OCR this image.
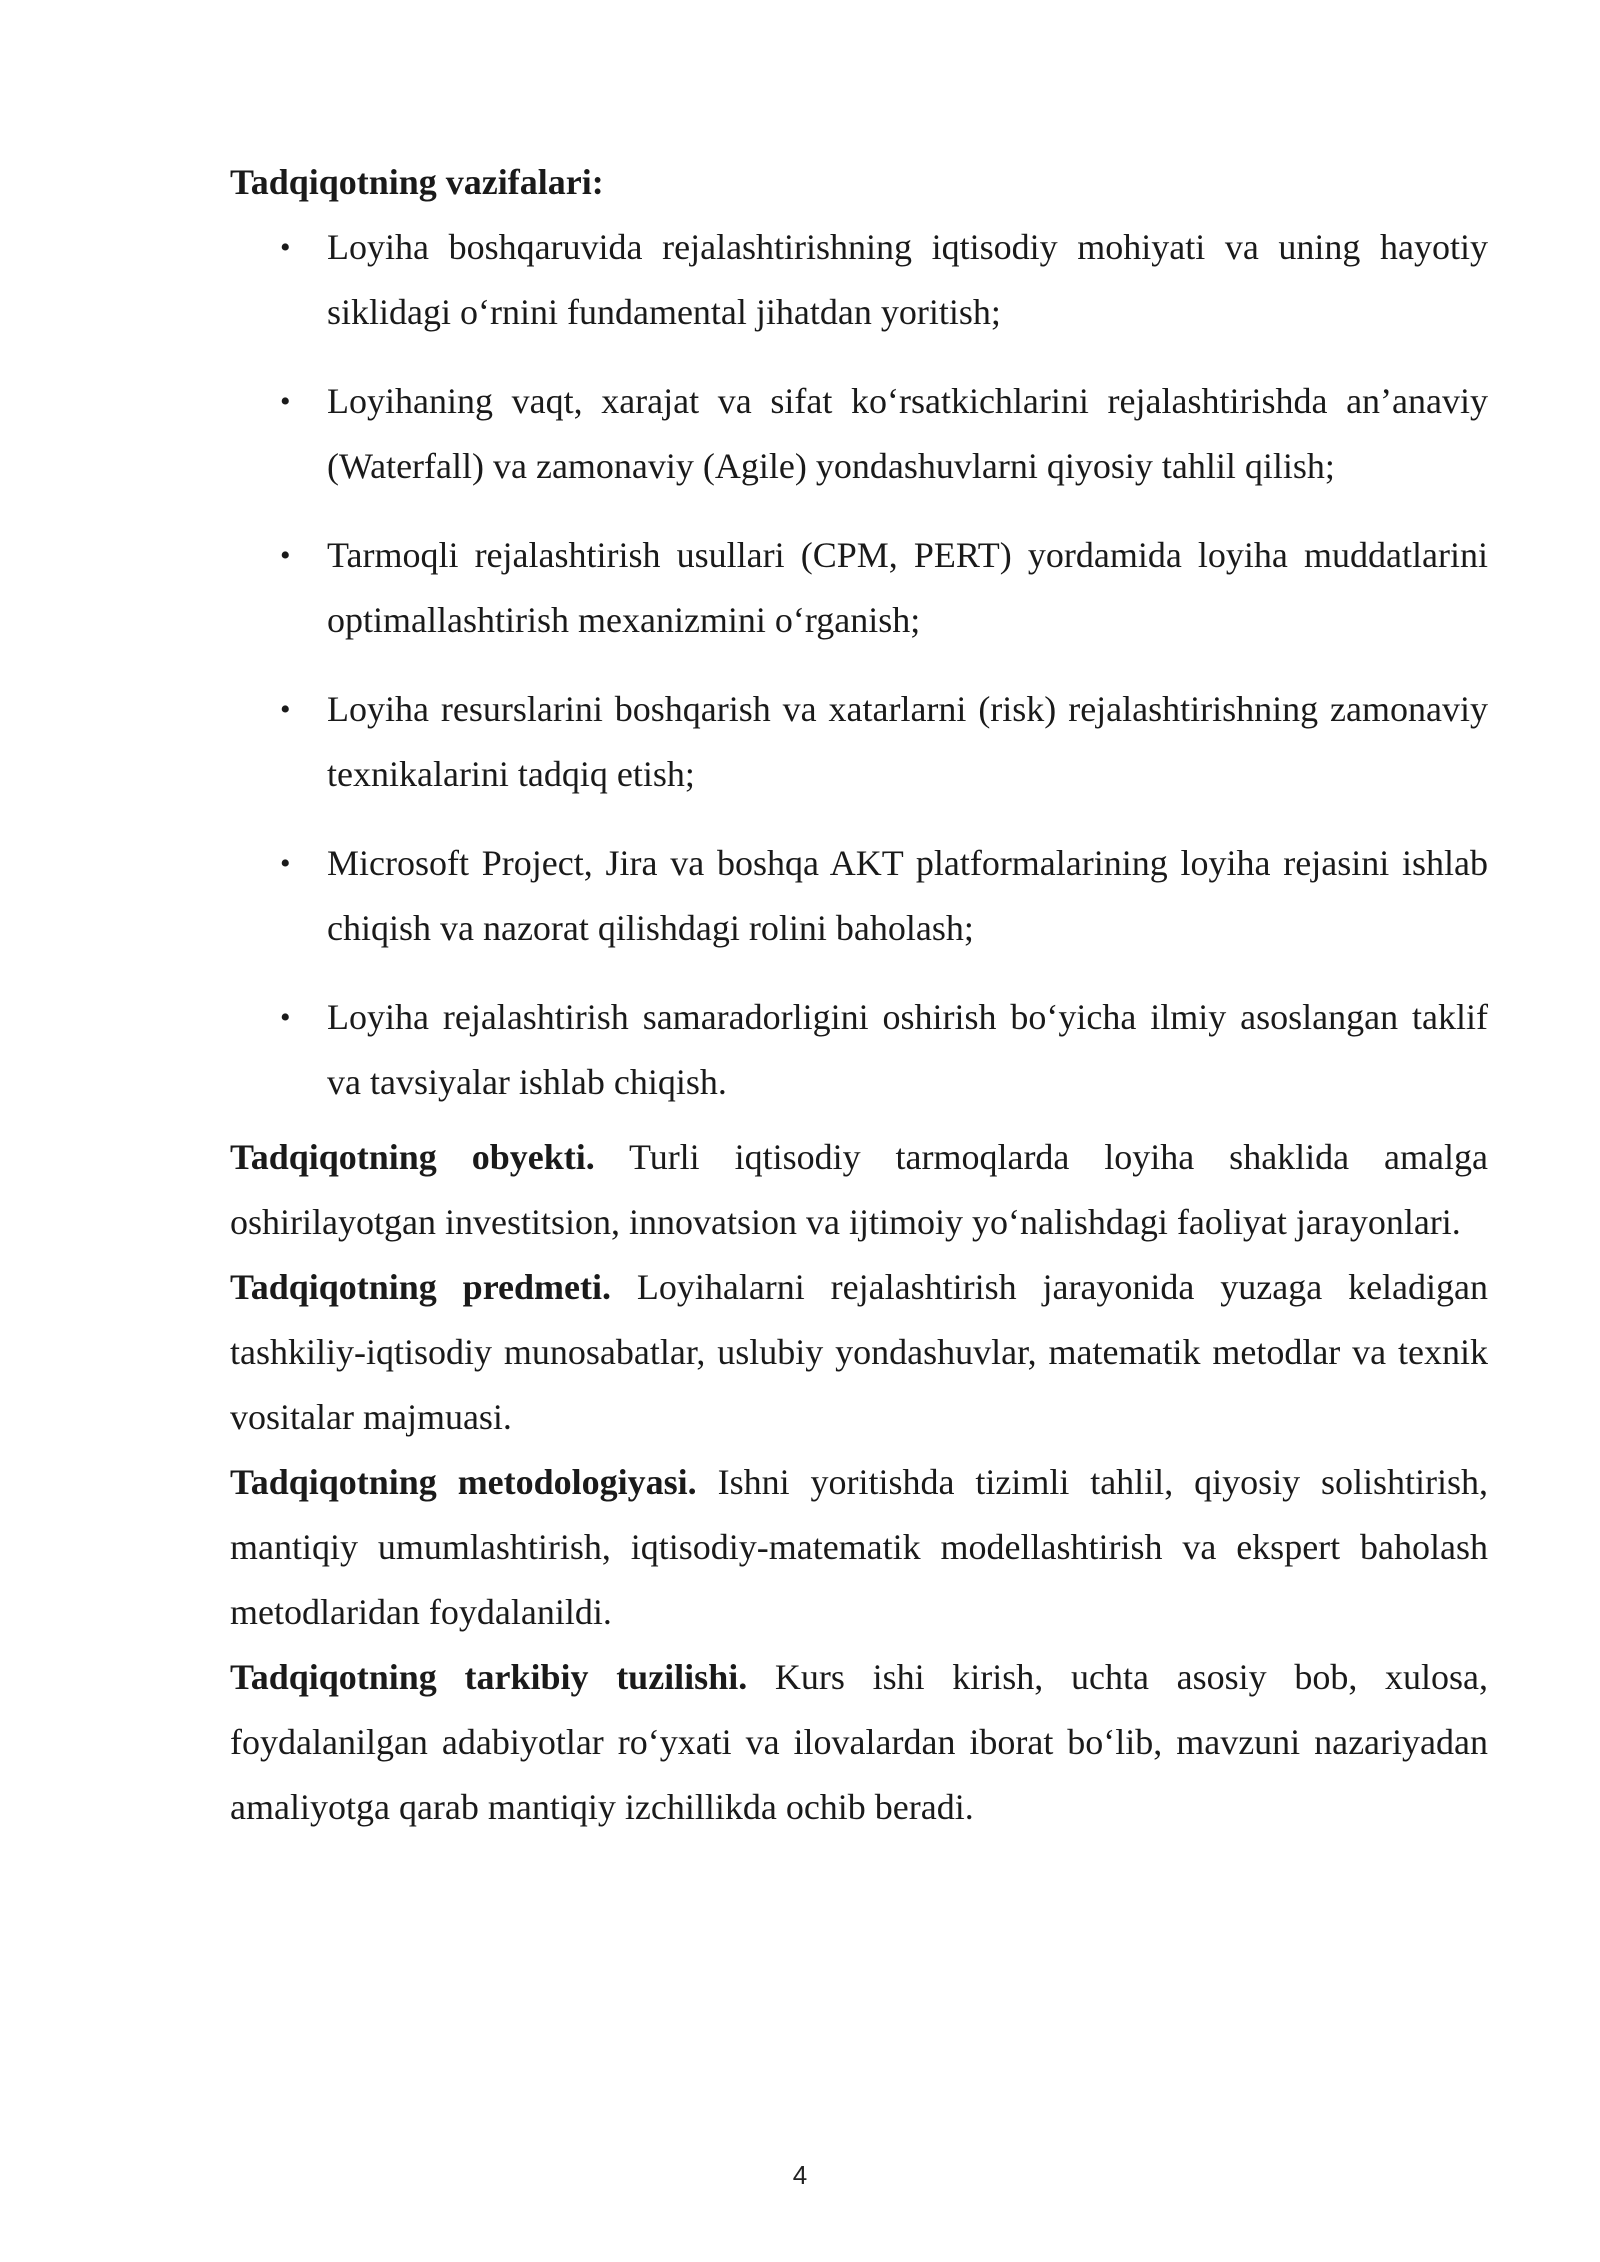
Tadqiqotning vazifalari:

• Loyiha boshqaruvida rejalashtirishning iqtisodiy mohiyati va uning hayotiy siklidagi o‘rnini fundamental jihatdan yoritish;
• Loyihaning vaqt, xarajat va sifat ko‘rsatkichlarini rejalashtirishda an’anaviy (Waterfall) va zamonaviy (Agile) yondashuvlarni qiyosiy tahlil qilish;
• Tarmoqli rejalashtirish usullari (CPM, PERT) yordamida loyiha muddatlarini optimallashtirish mexanizmini o‘rganish;
• Loyiha resurslarini boshqarish va xatarlarni (risk) rejalashtirishning zamonaviy texnikalarini tadqiq etish;
• Microsoft Project, Jira va boshqa AKT platformalarining loyiha rejasini ishlab chiqish va nazorat qilishdagi rolini baholash;
• Loyiha rejalashtirish samaradorligini oshirish bo‘yicha ilmiy asoslangan taklif va tavsiyalar ishlab chiqish.

Tadqiqotning obyekti. Turli iqtisodiy tarmoqlarda loyiha shaklida amalga oshirilayotgan investitsion, innovatsion va ijtimoiy yo‘nalishdagi faoliyat jarayonlari.

Tadqiqotning predmeti. Loyihalarni rejalashtirish jarayonida yuzaga keladigan tashkiliy-iqtisodiy munosabatlar, uslubiy yondashuvlar, matematik metodlar va texnik vositalar majmuasi.

Tadqiqotning metodologiyasi. Ishni yoritishda tizimli tahlil, qiyosiy solishtirish, mantiqiy umumlashtirish, iqtisodiy-matematik modellashtirish va ekspert baholash metodlaridan foydalanildi.

Tadqiqotning tarkibiy tuzilishi. Kurs ishi kirish, uchta asosiy bob, xulosa, foydalanilgan adabiyotlar ro‘yxati va ilovalardan iborat bo‘lib, mavzuni nazariyadan amaliyotga qarab mantiqiy izchillikda ochib beradi.

4
